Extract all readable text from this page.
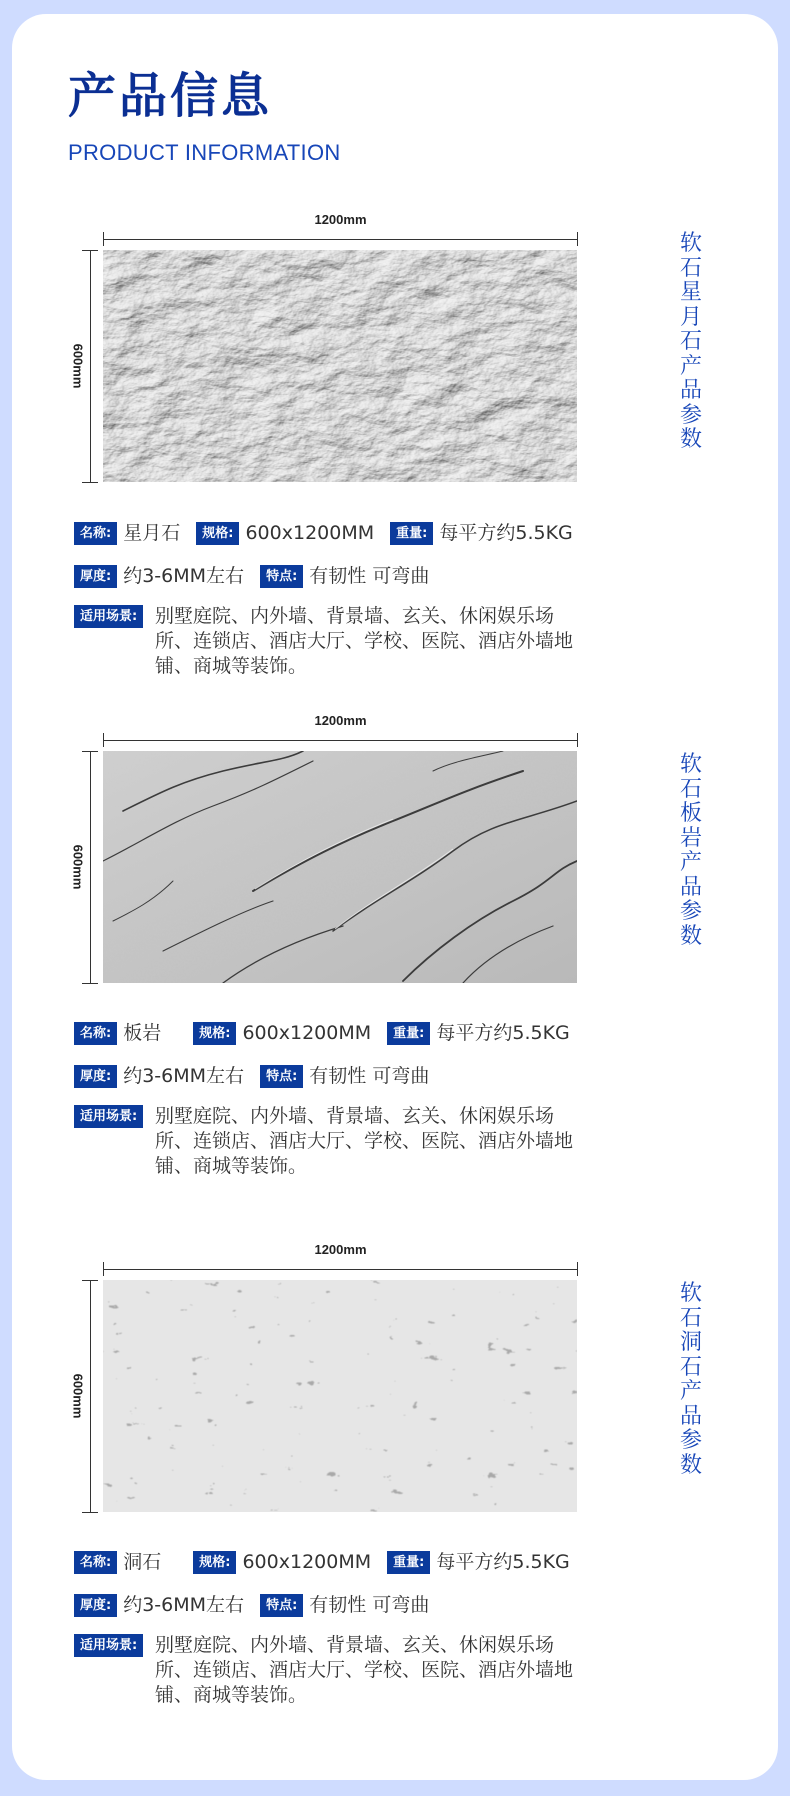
产品信息
PRODUCT INFORMATION
1200mm
600mm
软石星月石产品参数
名称: 星月石 规格: 600x1200MM 重量: 每平方约5.5KG
厚度: 约3-6MM左右 特点: 有韧性 可弯曲
适用场景: 别墅庭院、内外墙、背景墙、玄关、休闲娱乐场所、连锁店、酒店大厅、学校、医院、酒店外墙地铺、商城等装饰。
1200mm
600mm
软石板岩产品参数
名称: 板岩	规格: 600x1200MM 重量: 每平方约5.5KG
厚度: 约3-6MM左右 特点: 有韧性 可弯曲
适用场景: 别墅庭院、内外墙、背景墙、玄关、休闲娱乐场所、连锁店、酒店大厅、学校、医院、酒店外墙地铺、商城等装饰。
1200mm
600mm
软石洞石产品参数
名称: 洞石	规格: 600x1200MM 重量: 每平方约5.5KG
厚度: 约3-6MM左右 特点: 有韧性 可弯曲
适用场景: 别墅庭院、内外墙、背景墙、玄关、休闲娱乐场所、连锁店、酒店大厅、学校、医院、酒店外墙地铺、商城等装饰。
